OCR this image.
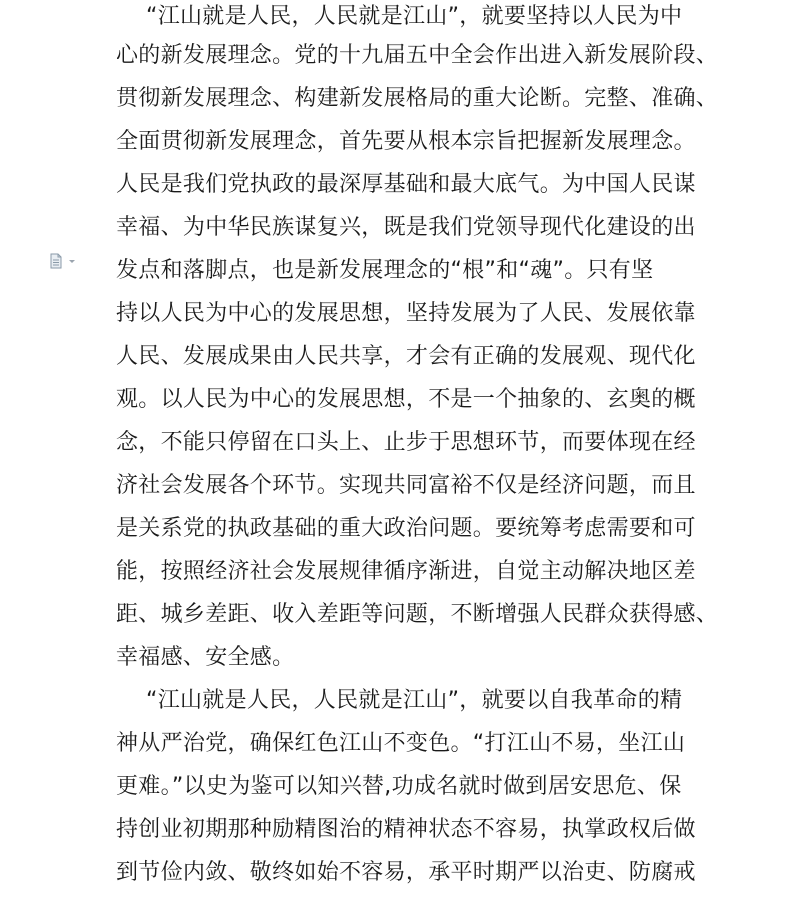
“江山就是人民，人民就是江山”，就要坚持以人民为中
心的新发展理念。党的十九届五中全会作出进入新发展阶段、
贯彻新发展理念、构建新发展格局的重大论断。完整、准确、
全面贯彻新发展理念，首先要从根本宗旨把握新发展理念。
人民是我们党执政的最深厚基础和最大底气。为中国人民谋
幸福、为中华民族谋复兴，既是我们党领导现代化建设的出
发点和落脚点，也是新发展理念的“根”和“魂”。只有坚
持以人民为中心的发展思想，坚持发展为了人民、发展依靠
人民、发展成果由人民共享，才会有正确的发展观、现代化
观。以人民为中心的发展思想，不是一个抽象的、玄奥的概
念，不能只停留在口头上、止步于思想环节，而要体现在经
济社会发展各个环节。实现共同富裕不仅是经济问题，而且
是关系党的执政基础的重大政治问题。要统筹考虑需要和可
能，按照经济社会发展规律循序渐进，自觉主动解决地区差
距、城乡差距、收入差距等问题，不断增强人民群众获得感、
幸福感、安全感。
“江山就是人民，人民就是江山”，就要以自我革命的精
神从严治党，确保红色江山不变色。“打江山不易，坐江山
更难。”以史为鉴可以知兴替,功成名就时做到居安思危、保
持创业初期那种励精图治的精神状态不容易，执掌政权后做
到节俭内敛、敬终如始不容易，承平时期严以治吏、防腐戒
